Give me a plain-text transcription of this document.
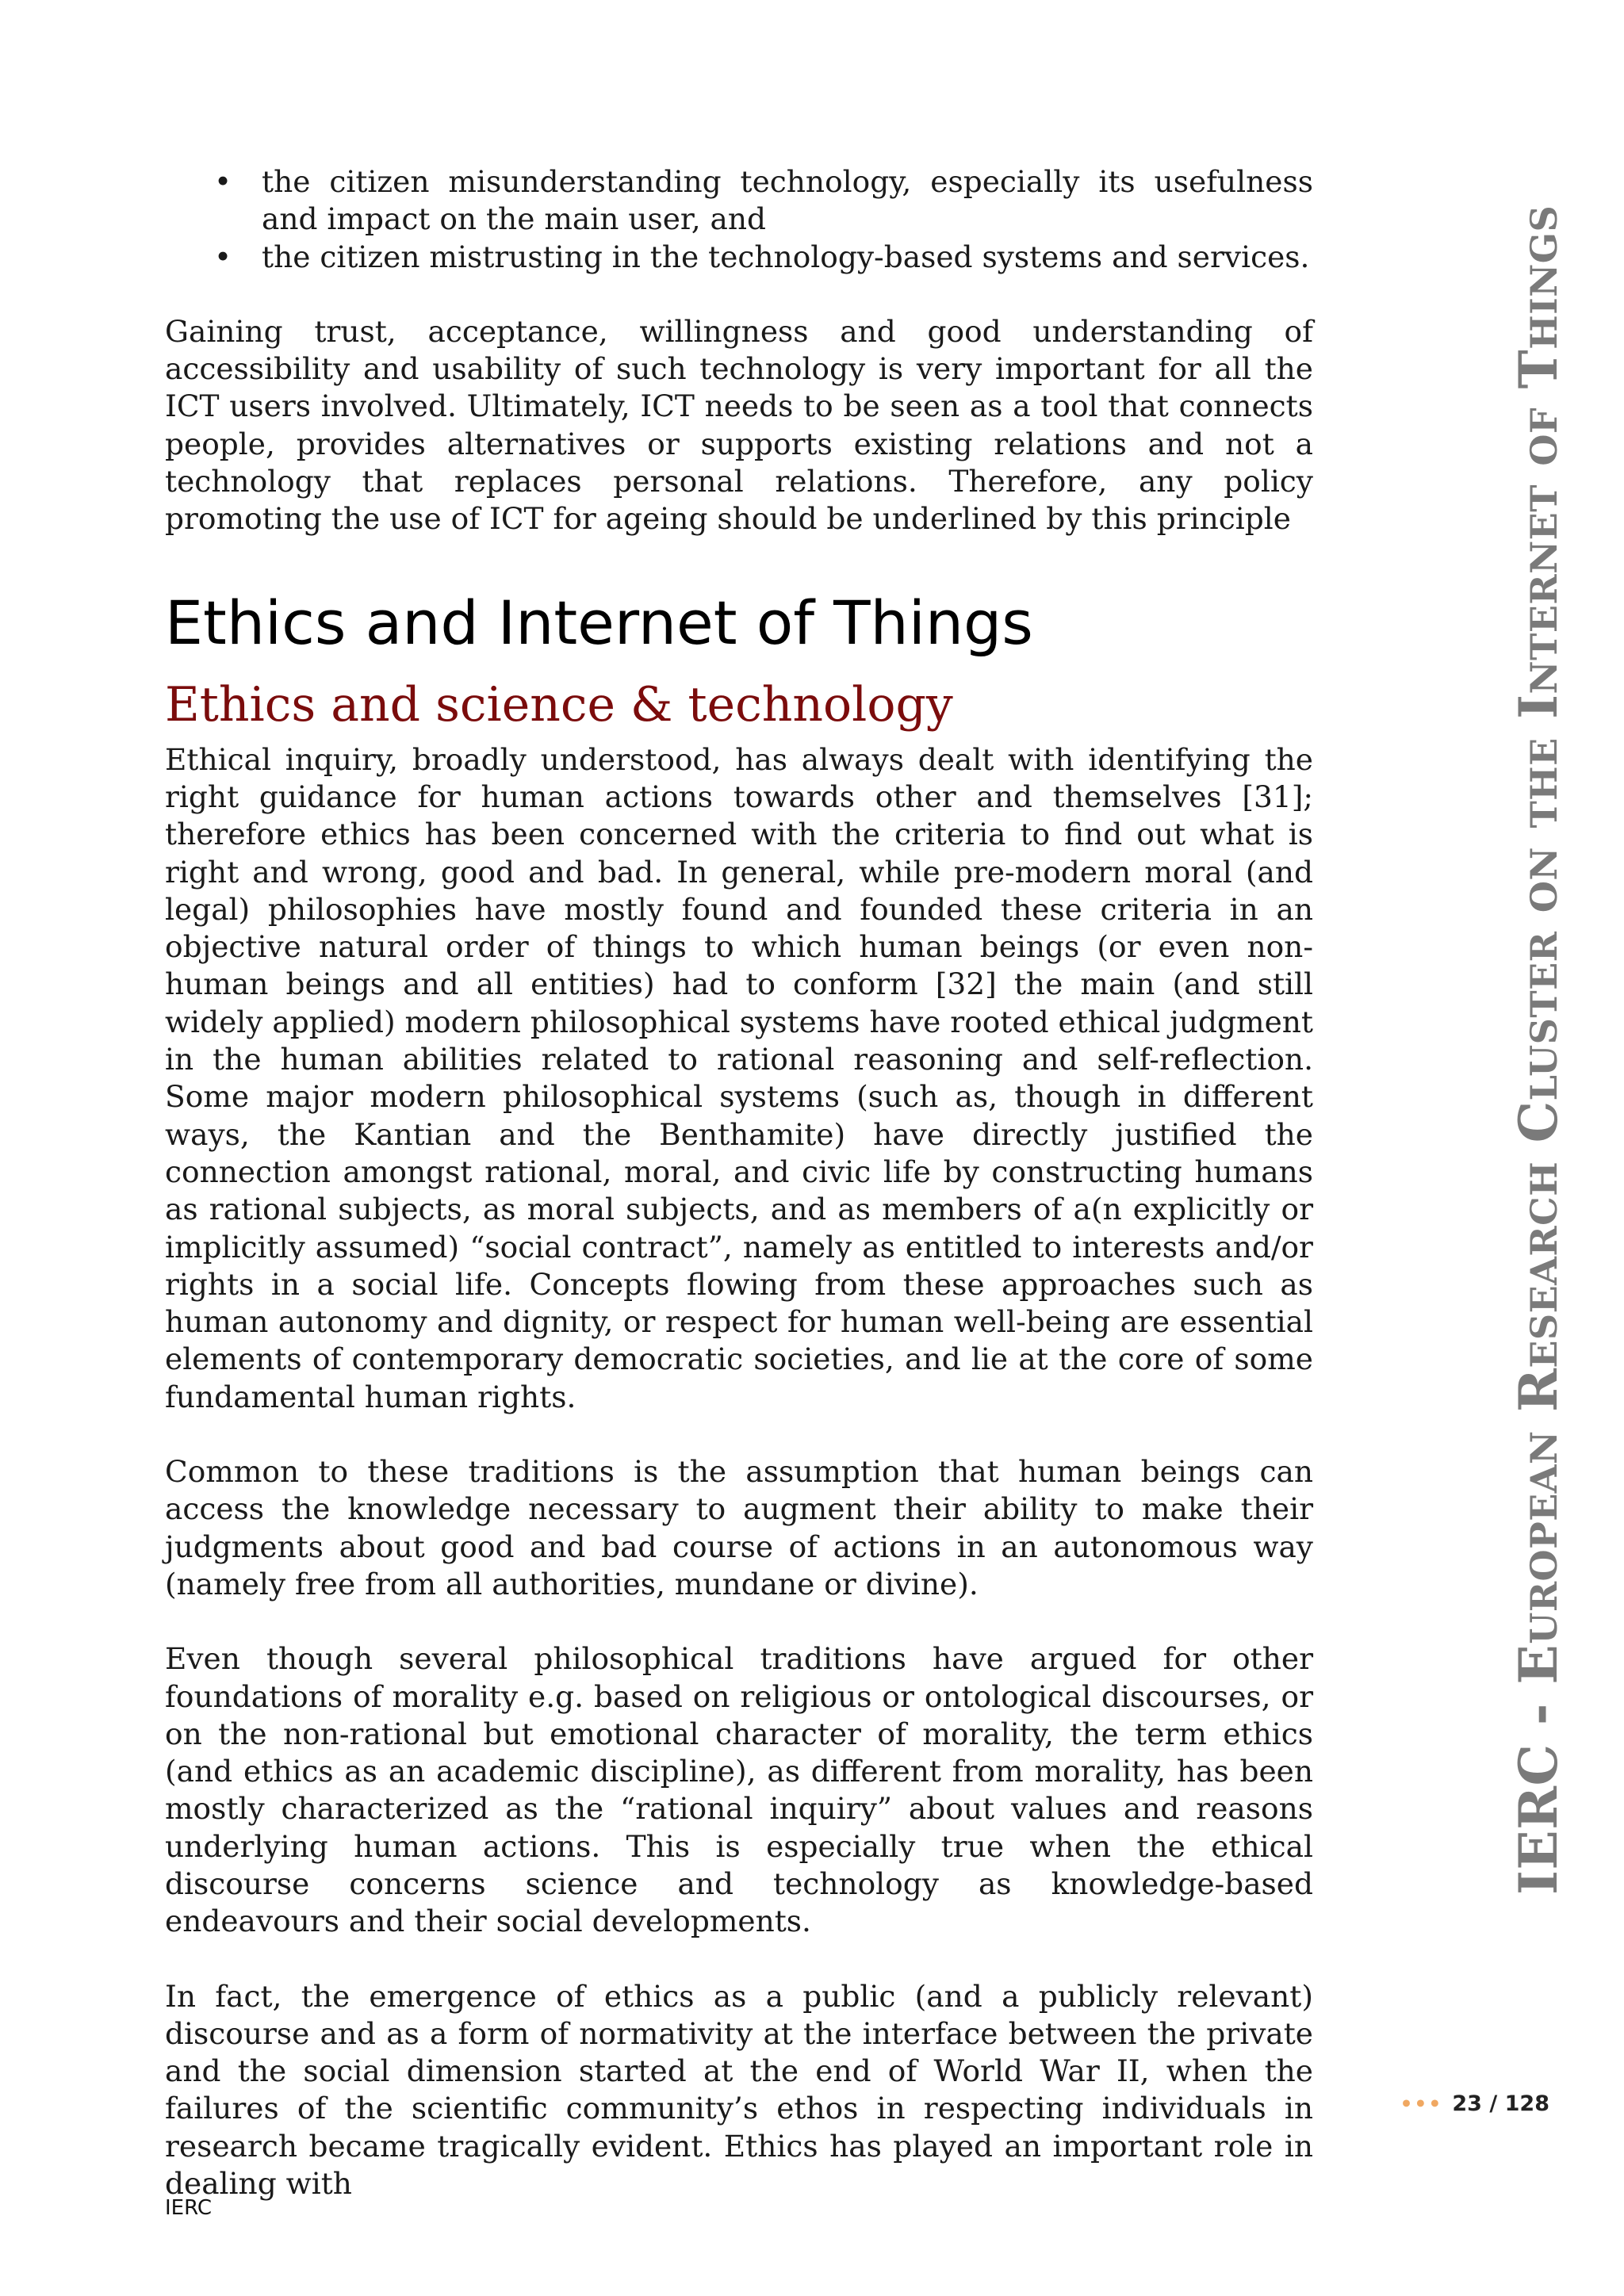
• the citizen misunderstanding technology, especially its usefulness and impact on the main user, and
• the citizen mistrusting in the technology-based systems and services.

Gaining trust, acceptance, willingness and good understanding of accessibility and usability of such technology is very important for all the ICT users involved. Ultimately, ICT needs to be seen as a tool that connects people, provides alternatives or supports existing relations and not a technology that replaces personal relations. Therefore, any policy promoting the use of ICT for ageing should be underlined by this principle

Ethics and Internet of Things
Ethics and science & technology

Ethical inquiry, broadly understood, has always dealt with identifying the right guidance for human actions towards other and themselves [31]; therefore ethics has been concerned with the criteria to find out what is right and wrong, good and bad. In general, while pre-modern moral (and legal) philosophies have mostly found and founded these criteria in an objective natural order of things to which human beings (or even non-human beings and all entities) had to conform [32] the main (and still widely applied) modern philosophical systems have rooted ethical judgment in the human abilities related to rational reasoning and self-reflection. Some major modern philosophical systems (such as, though in different ways, the Kantian and the Benthamite) have directly justified the connection amongst rational, moral, and civic life by constructing humans as rational subjects, as moral subjects, and as members of a(n explicitly or implicitly assumed) “social contract”, namely as entitled to interests and/or rights in a social life. Concepts flowing from these approaches such as human autonomy and dignity, or respect for human well-being are essential elements of contemporary democratic societies, and lie at the core of some fundamental human rights.

Common to these traditions is the assumption that human beings can access the knowledge necessary to augment their ability to make their judgments about good and bad course of actions in an autonomous way (namely free from all authorities, mundane or divine).

Even though several philosophical traditions have argued for other foundations of morality e.g. based on religious or ontological discourses, or on the non-rational but emotional character of morality, the term ethics (and ethics as an academic discipline), as different from morality, has been mostly characterized as the “rational inquiry” about values and reasons underlying human actions. This is especially true when the ethical discourse concerns science and technology as knowledge-based endeavours and their social developments.

In fact, the emergence of ethics as a public (and a publicly relevant) discourse and as a form of normativity at the interface between the private and the social dimension started at the end of World War II, when the failures of the scientific community’s ethos in respecting individuals in research became tragically evident. Ethics has played an important role in dealing with

IERC - European Research Cluster on the Internet of Things
••• 23 / 128
IERC
